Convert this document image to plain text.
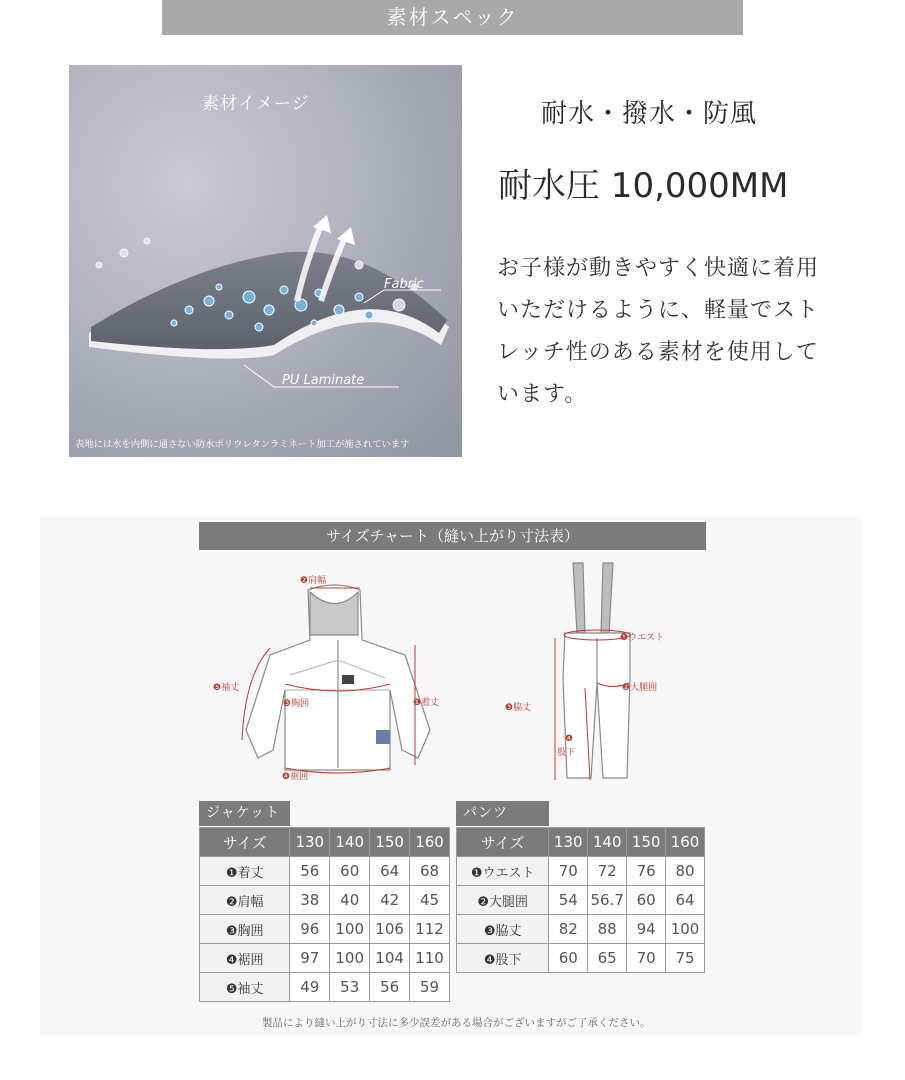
素材スペック
素材イメージ
Fabric
PU Laminate
表地には水を内側に通さない防水ポリウレタンラミネート加工が施されています
耐水・撥水・防風
耐水圧 10,000MM
お子様が動きやすく快適に着用いただけるように、軽量でストレッチ性のある素材を使用しています。
サイズチャート（縫い上がり寸法表）
❷肩幅
❶着丈
❺袖丈
❸胸囲
❹裾囲
❶ウエスト
❷大腿囲
❸脇丈
❹
股下
ジャケット
サイズ	130	140	150	160
❶着丈	56	60	64	68
❷肩幅	38	40	42	45
❸胸囲	96	100	106	112
❹裾囲	97	100	104	110
❺袖丈	49	53	56	59
パンツ
サイズ	130	140	150	160
❶ウエスト	70	72	76	80
❷大腿囲	54	56.7	60	64
❸脇丈	82	88	94	100
❹股下	60	65	70	75
製品により縫い上がり寸法に多少誤差がある場合がございますがご了承ください。
